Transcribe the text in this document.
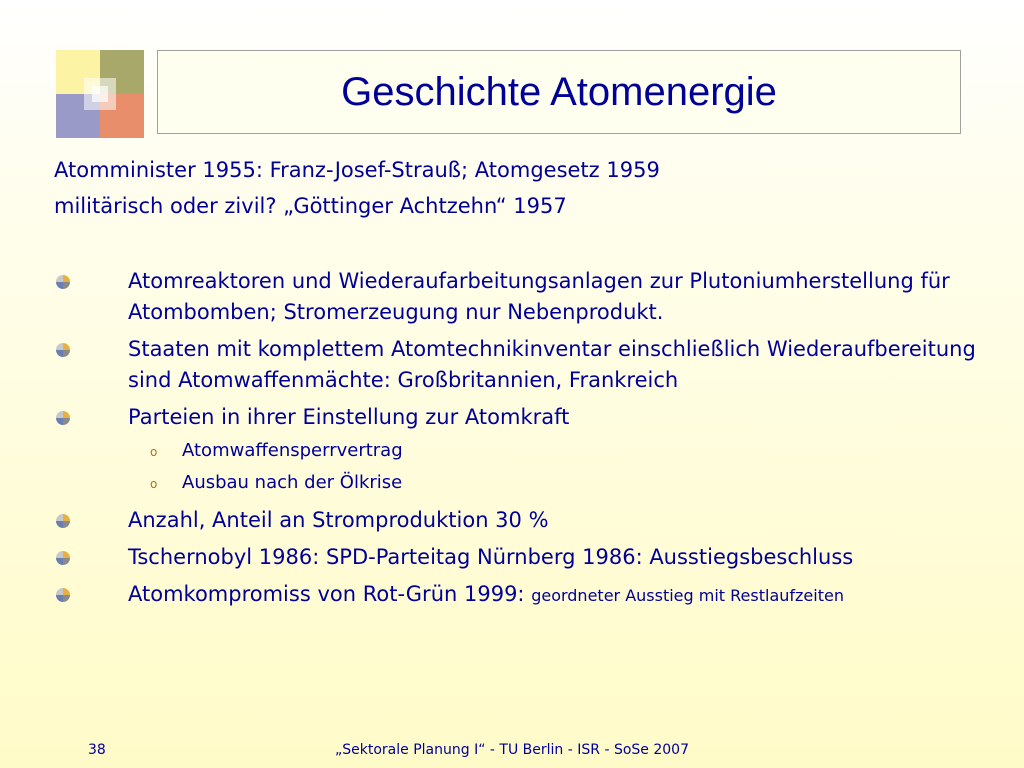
Geschichte Atomenergie
Atomminister 1955: Franz-Josef-Strauß; Atomgesetz 1959
militärisch oder zivil? „Göttinger Achtzehn“ 1957
Atomreaktoren und Wiederaufarbeitungsanlagen zur Plutoniumherstellung für Atombomben; Stromerzeugung nur Nebenprodukt.
Staaten mit komplettem Atomtechnikinventar einschließlich Wiederaufbereitung sind Atomwaffenmächte: Großbritannien, Frankreich
Parteien in ihrer Einstellung zur Atomkraft
o Atomwaffensperrvertrag
o Ausbau nach der Ölkrise
Anzahl, Anteil an Stromproduktion 30 %
Tschernobyl 1986: SPD-Parteitag Nürnberg 1986: Ausstiegsbeschluss
Atomkompromiss von Rot-Grün 1999: geordneter Ausstieg mit Restlaufzeiten
38	„Sektorale Planung I“ - TU Berlin - ISR - SoSe 2007
